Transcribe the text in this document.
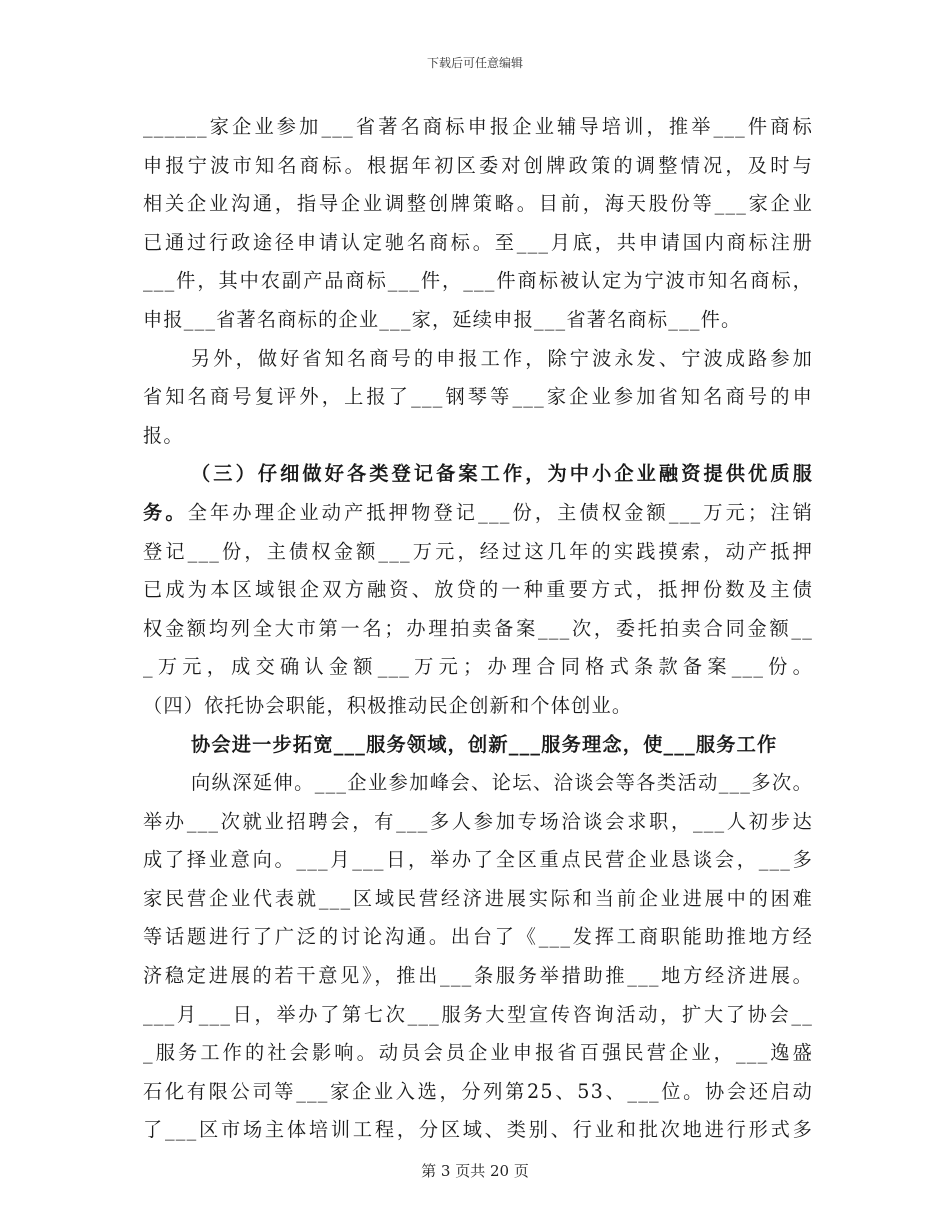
下载后可任意编辑
______家企业参加___省著名商标申报企业辅导培训，推举___件商标
申报宁波市知名商标。根据年初区委对创牌政策的调整情况，及时与
相关企业沟通，指导企业调整创牌策略。目前，海天股份等___家企业
已通过行政途径申请认定驰名商标。至___月底，共申请国内商标注册
___件，其中农副产品商标___件，___件商标被认定为宁波市知名商标，
申报___省著名商标的企业___家，延续申报___省著名商标___件。
另外，做好省知名商号的申报工作，除宁波永发、宁波成路参加
省知名商号复评外，上报了___钢琴等___家企业参加省知名商号的申
报。
（三）仔细做好各类登记备案工作，为中小企业融资提供优质服
务。全年办理企业动产抵押物登记___份，主债权金额___万元；注销
登记___份，主债权金额___万元，经过这几年的实践摸索，动产抵押
已成为本区域银企双方融资、放贷的一种重要方式，抵押份数及主债
权金额均列全大市第一名；办理拍卖备案___次，委托拍卖合同金额__
_万元，成交确认金额___万元；办理合同格式条款备案___份。
（四）依托协会职能，积极推动民企创新和个体创业。
协会进一步拓宽___服务领域，创新___服务理念，使___服务工作
向纵深延伸。___企业参加峰会、论坛、洽谈会等各类活动___多次。
举办___次就业招聘会，有___多人参加专场洽谈会求职，___人初步达
成了择业意向。___月___日，举办了全区重点民营企业恳谈会，___多
家民营企业代表就___区域民营经济进展实际和当前企业进展中的困难
等话题进行了广泛的讨论沟通。出台了《___发挥工商职能助推地方经
济稳定进展的若干意见》，推出___条服务举措助推___地方经济进展。
___月___日，举办了第七次___服务大型宣传咨询活动，扩大了协会__
_服务工作的社会影响。动员会员企业申报省百强民营企业，___逸盛
石化有限公司等___家企业入选，分列第25、53、___位。协会还启动
了___区市场主体培训工程，分区域、类别、行业和批次地进行形式多
第 3 页共 20 页
